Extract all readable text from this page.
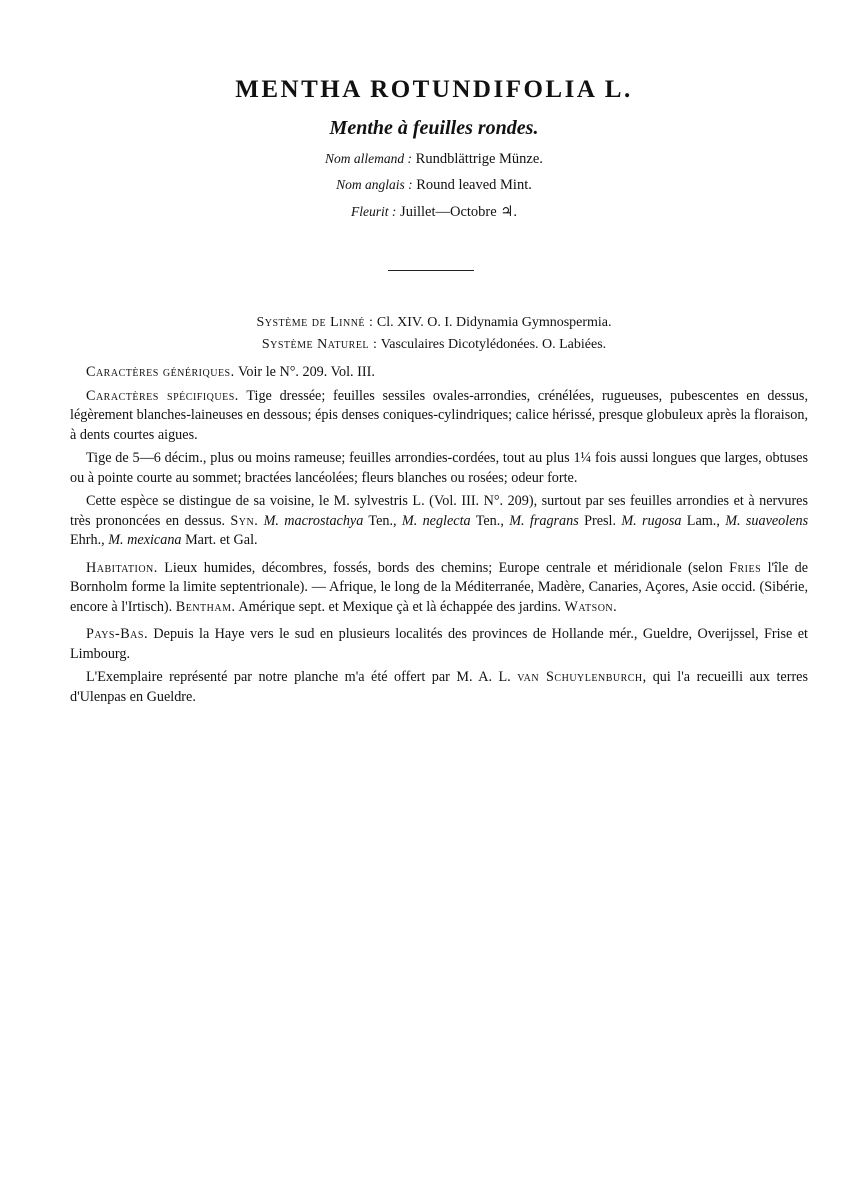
MENTHA ROTUNDIFOLIA L.
Menthe à feuilles rondes.

Nom allemand : Rundblättrige Münze.

Nom anglais : Round leaved Mint.

Fleurit : Juillet—Octobre ♃.

Système de Linné : Cl. XIV. O. I. Didynamia Gymnospermia.

Système Naturel : Vasculaires Dicotylédonées. O. Labiées.

Caractères génériques. Voir le N°. 209. Vol. III.

Caractères spécifiques. Tige dressée; feuilles sessiles ovales-arrondies, crénélées, rugueuses, pubescentes en dessus, légèrement blanches-laineuses en dessous; épis denses coniques-cylindriques; calice hérissé, presque globuleux après la floraison, à dents courtes aigues.

Tige de 5—6 décim., plus ou moins rameuse; feuilles arrondies-cordées, tout au plus 1¼ fois aussi longues que larges, obtuses ou à pointe courte au sommet; bractées lancéolées; fleurs blanches ou rosées; odeur forte.

Cette espèce se distingue de sa voisine, le M. sylvestris L. (Vol. III. N°. 209), surtout par ses feuilles arrondies et à nervures très prononcées en dessus. Syn. M. macrostachya Ten., M. neglecta Ten., M. fragrans Presl. M. rugosa Lam., M. suaveolens Ehrh., M. mexicana Mart. et Gal.

Habitation. Lieux humides, décombres, fossés, bords des chemins; Europe centrale et méridionale (selon Fries l'île de Bornholm forme la limite septentrionale). — Afrique, le long de la Méditerranée, Madère, Canaries, Açores, Asie occid. (Sibérie, encore à l'Irtisch). Bentham. Amérique sept. et Mexique çà et là échappée des jardins. Watson.

Pays-Bas. Depuis la Haye vers le sud en plusieurs localités des provinces de Hollande mér., Gueldre, Overijssel, Frise et Limbourg.

L'Exemplaire représenté par notre planche m'a été offert par M. A. L. van Schuylenburch, qui l'a recueilli aux terres d'Ulenpas en Gueldre.
